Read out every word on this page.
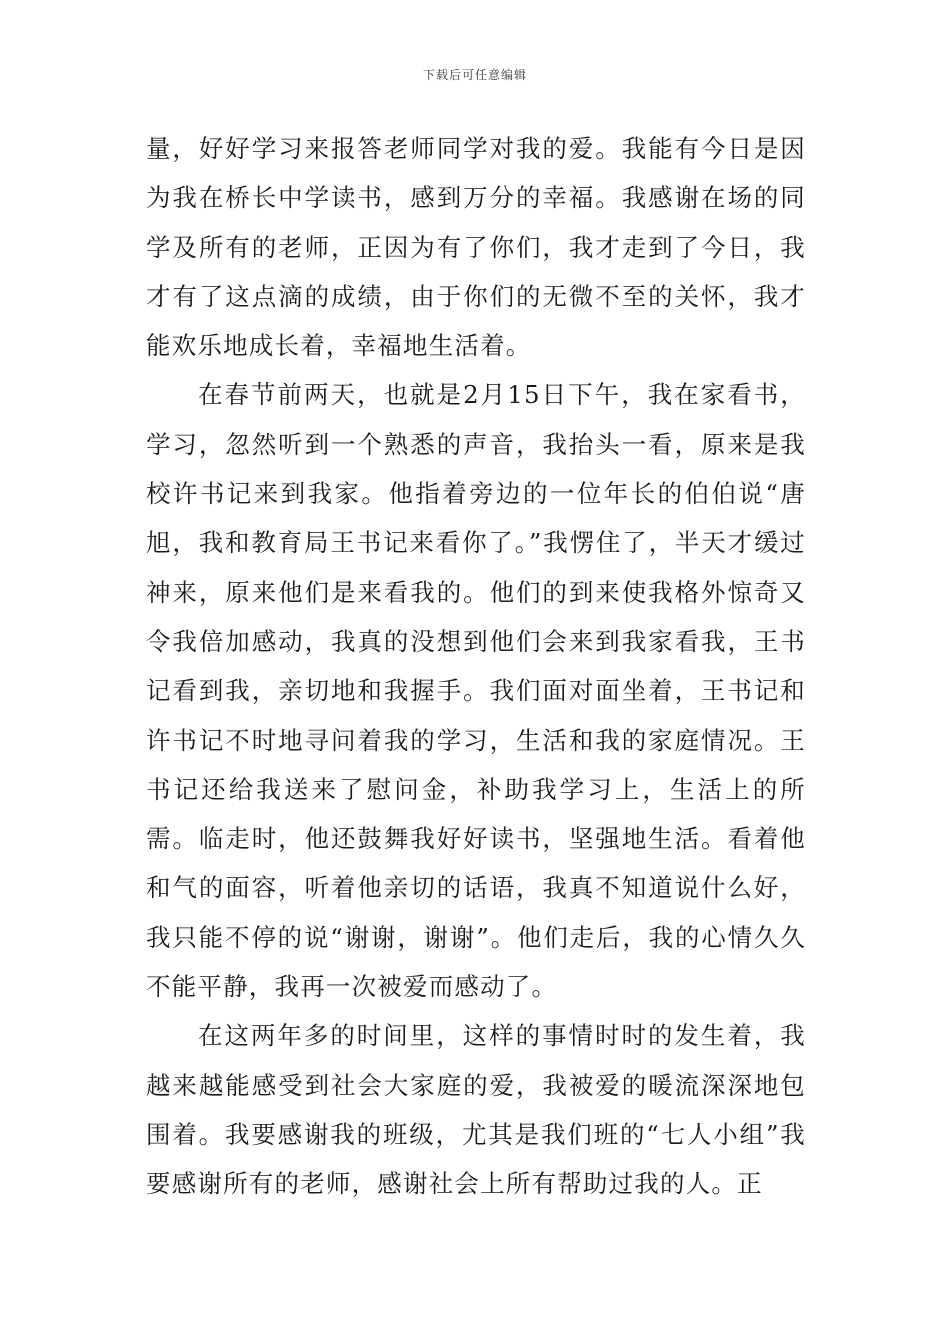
下载后可任意编辑

量，好好学习来报答老师同学对我的爱。我能有今日是因为我在桥长中学读书，感到万分的幸福。我感谢在场的同学及所有的老师，正因为有了你们，我才走到了今日，我才有了这点滴的成绩，由于你们的无微不至的关怀，我才能欢乐地成长着，幸福地生活着。

在春节前两天，也就是2月15日下午，我在家看书，学习，忽然听到一个熟悉的声音，我抬头一看，原来是我校许书记来到我家。他指着旁边的一位年长的伯伯说“唐旭，我和教育局王书记来看你了。”我愣住了，半天才缓过神来，原来他们是来看我的。他们的到来使我格外惊奇又令我倍加感动，我真的没想到他们会来到我家看我，王书记看到我，亲切地和我握手。我们面对面坐着，王书记和许书记不时地寻问着我的学习，生活和我的家庭情况。王书记还给我送来了慰问金，补助我学习上，生活上的所需。临走时，他还鼓舞我好好读书，坚强地生活。看着他和气的面容，听着他亲切的话语，我真不知道说什么好，我只能不停的说“谢谢，谢谢”。他们走后，我的心情久久不能平静，我再一次被爱而感动了。

在这两年多的时间里，这样的事情时时的发生着，我越来越能感受到社会大家庭的爱，我被爱的暖流深深地包围着。我要感谢我的班级，尤其是我们班的“七人小组”我要感谢所有的老师，感谢社会上所有帮助过我的人。正
